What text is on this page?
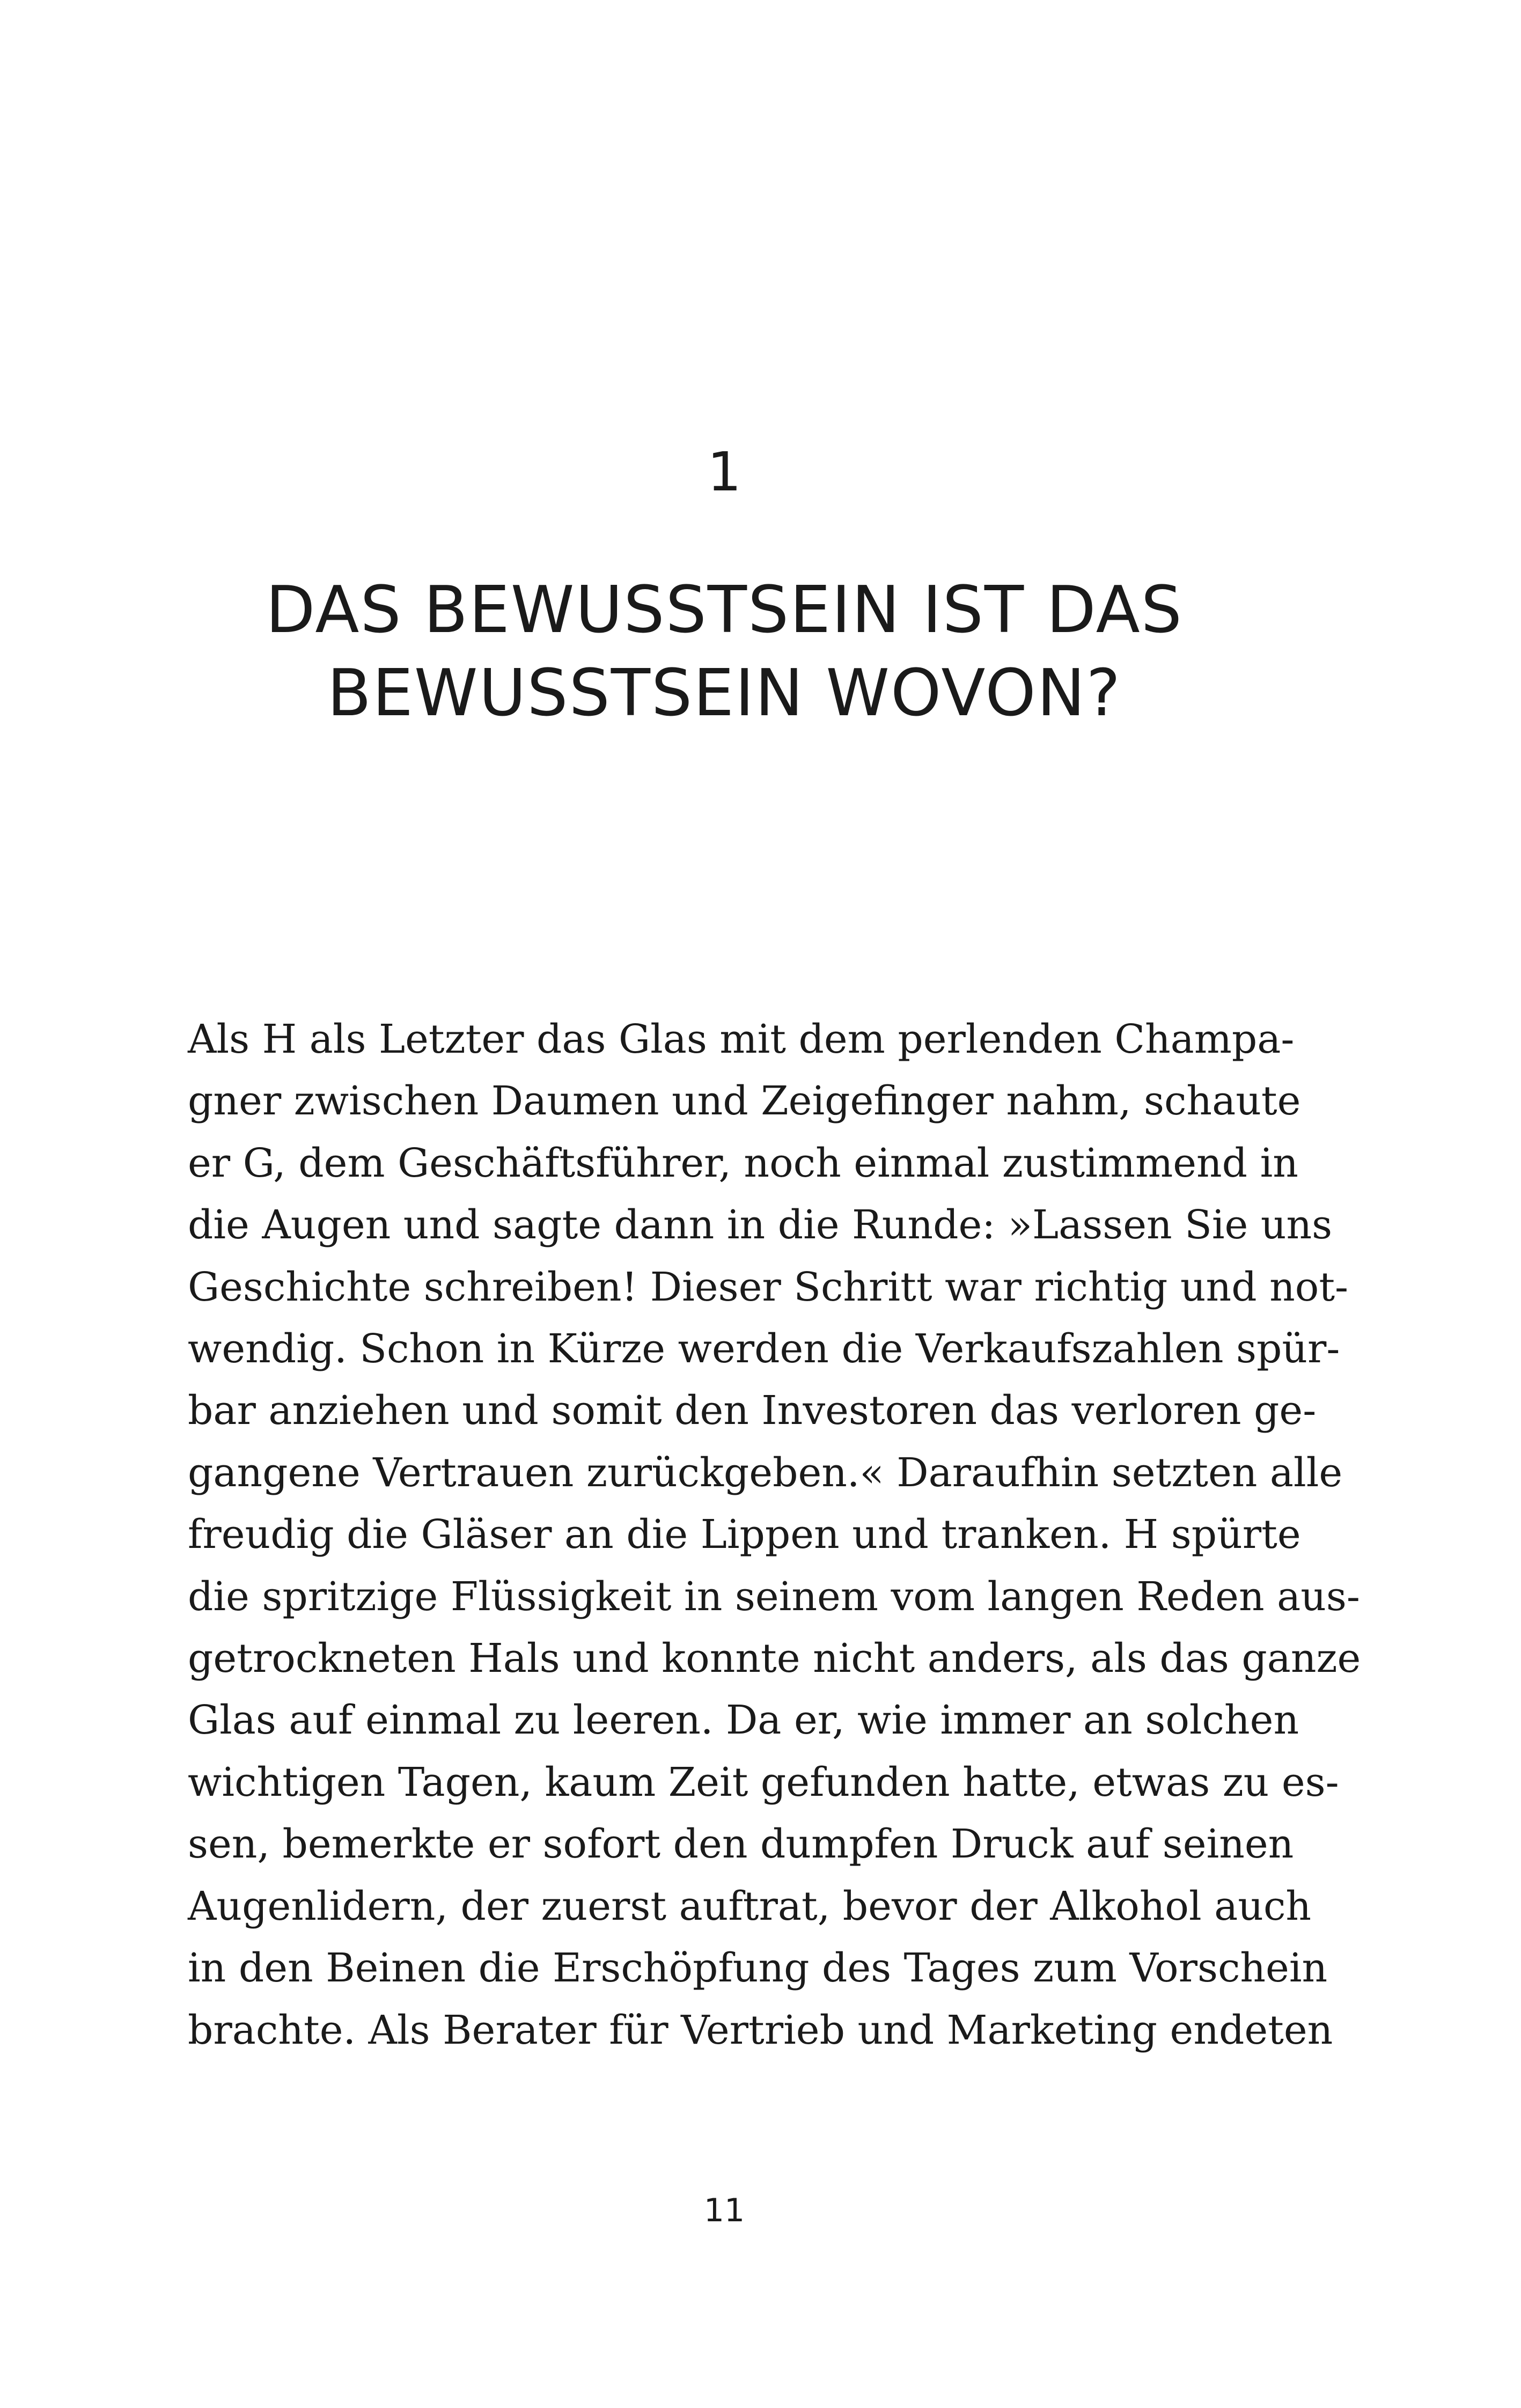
1
DAS BEWUSSTSEIN IST DAS
BEWUSSTSEIN WOVON?
Als H als Letzter das Glas mit dem perlenden Champa-
gner zwischen Daumen und Zeigefinger nahm, schaute
er G, dem Geschäftsführer, noch einmal zustimmend in
die Augen und sagte dann in die Runde: »Lassen Sie uns
Geschichte schreiben! Dieser Schritt war richtig und not-
wendig. Schon in Kürze werden die Verkaufszahlen spür-
bar anziehen und somit den Investoren das verloren ge-
gangene Vertrauen zurückgeben.« Daraufhin setzten alle
freudig die Gläser an die Lippen und tranken. H spürte
die spritzige Flüssigkeit in seinem vom langen Reden aus-
getrockneten Hals und konnte nicht anders, als das ganze
Glas auf einmal zu leeren. Da er, wie immer an solchen
wichtigen Tagen, kaum Zeit gefunden hatte, etwas zu es-
sen, bemerkte er sofort den dumpfen Druck auf seinen
Augenlidern, der zuerst auftrat, bevor der Alkohol auch
in den Beinen die Erschöpfung des Tages zum Vorschein
brachte. Als Berater für Vertrieb und Marketing endeten
11
